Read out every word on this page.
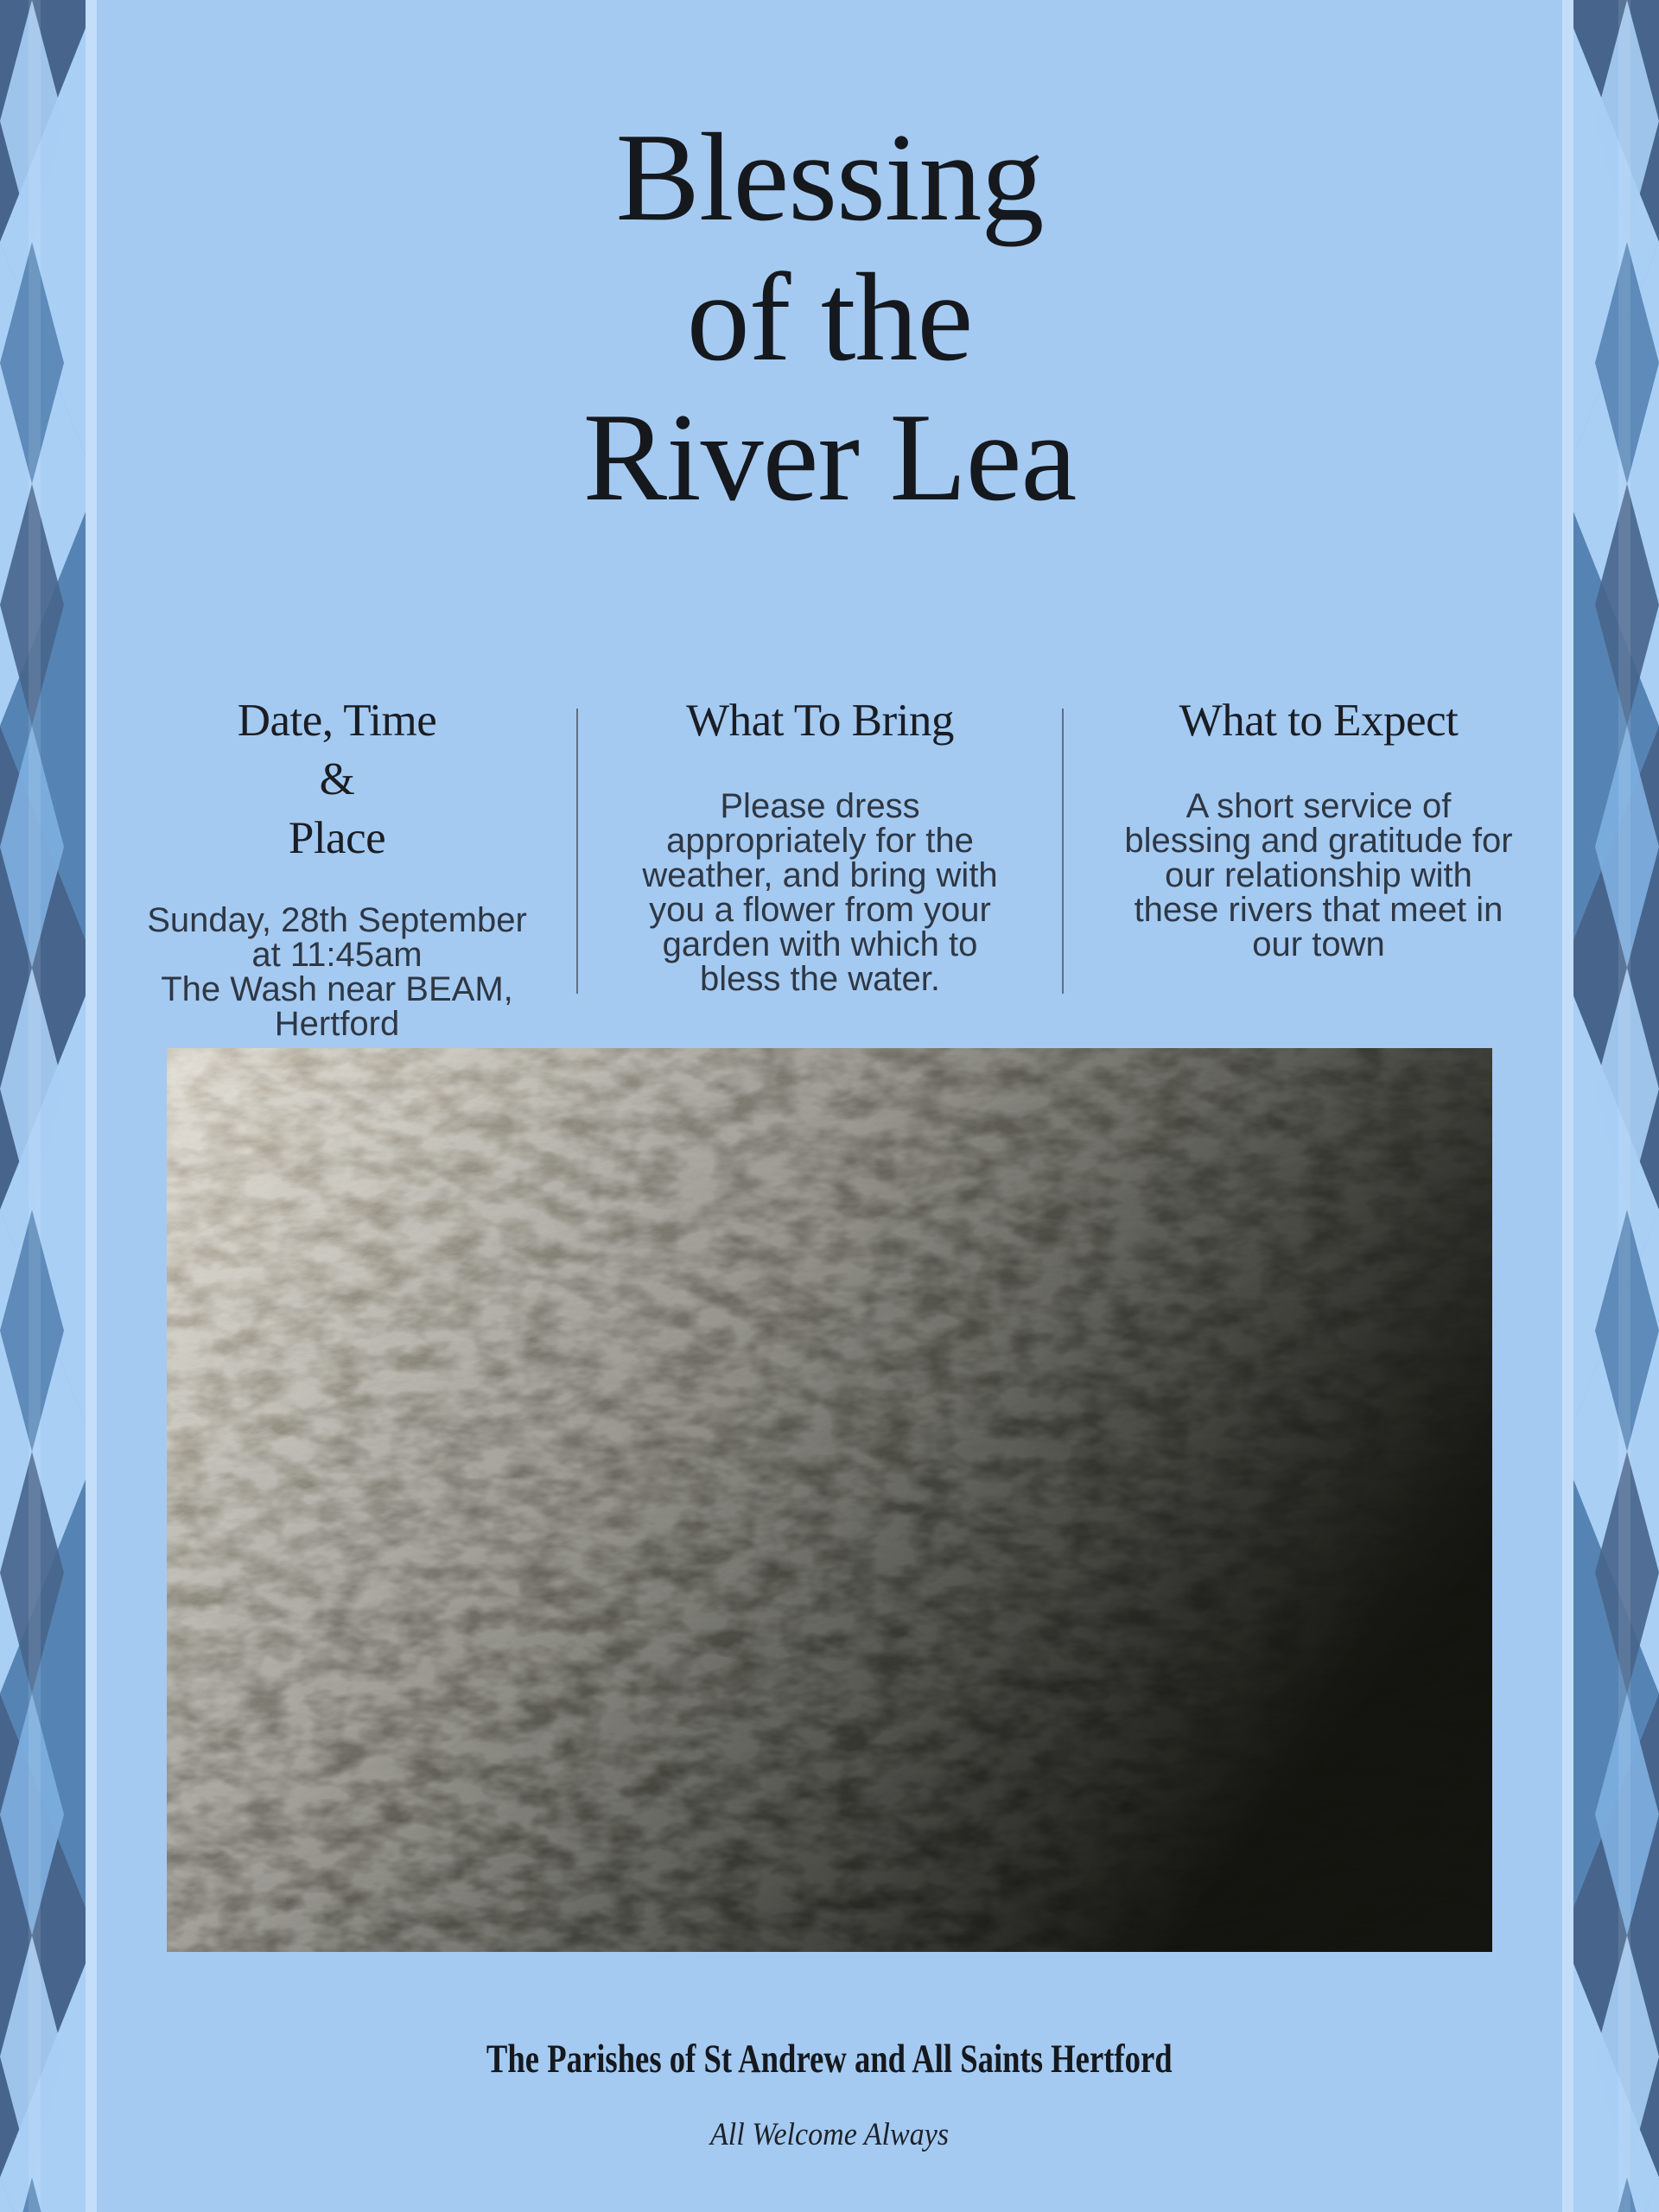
Blessing
of the
River Lea
Date, Time
&
Place
Sunday, 28th September
at 11:45am
The Wash near BEAM,
Hertford
What To Bring
Please dress
appropriately for the
weather, and bring with
you a flower from your
garden with which to
bless the water.
What to Expect
A short service of
blessing and gratitude for
our relationship with
these rivers that meet in
our town
The Parishes of St Andrew and All Saints Hertford
All Welcome Always
